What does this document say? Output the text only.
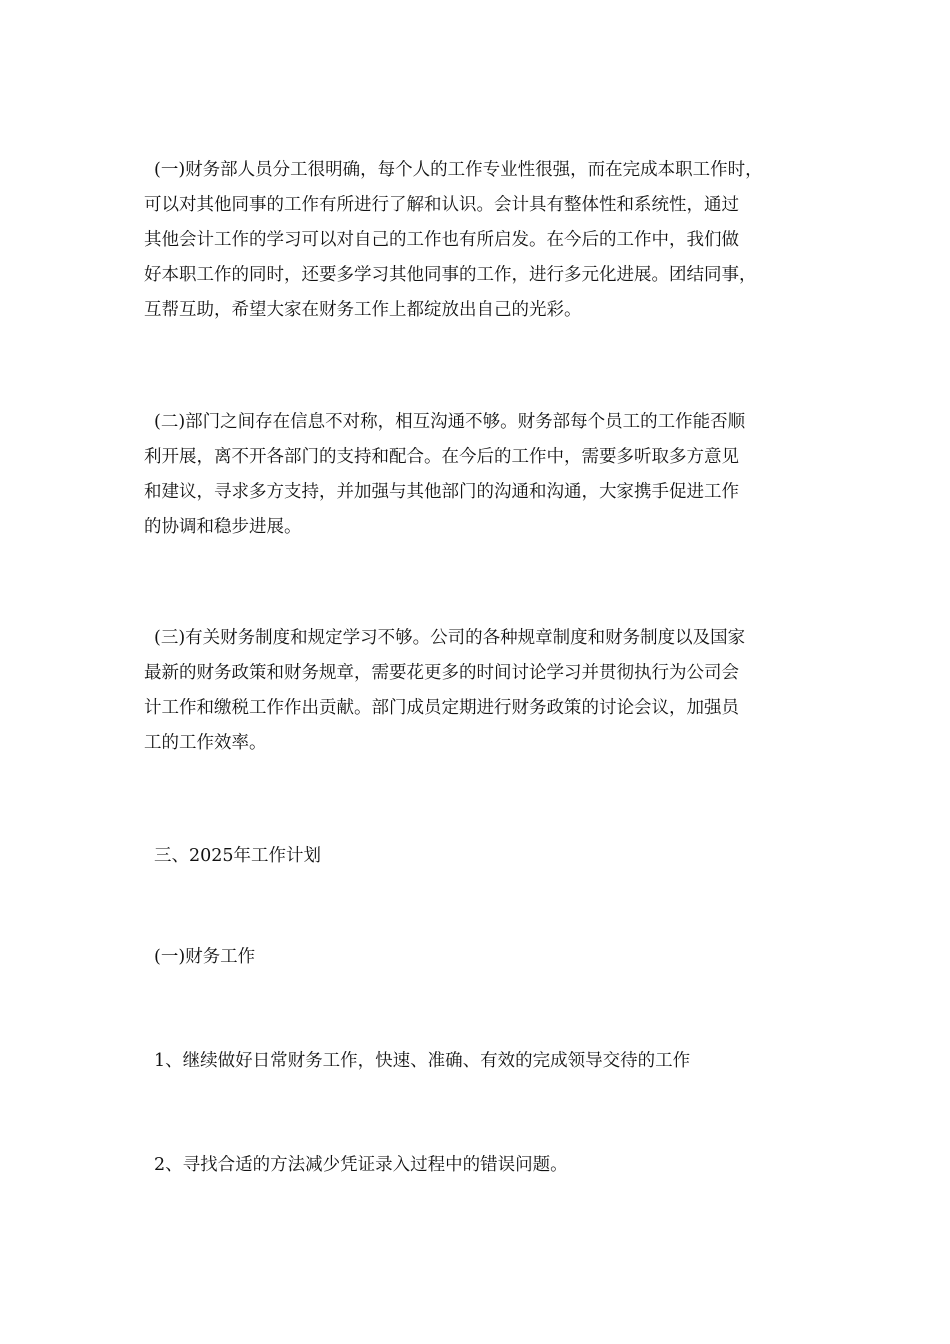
(一)财务部人员分工很明确，每个人的工作专业性很强，而在完成本职工作时，
可以对其他同事的工作有所进行了解和认识。会计具有整体性和系统性，通过
其他会计工作的学习可以对自己的工作也有所启发。在今后的工作中，我们做
好本职工作的同时，还要多学习其他同事的工作，进行多元化进展。团结同事，
互帮互助，希望大家在财务工作上都绽放出自己的光彩。
(二)部门之间存在信息不对称，相互沟通不够。财务部每个员工的工作能否顺
利开展，离不开各部门的支持和配合。在今后的工作中，需要多听取多方意见
和建议，寻求多方支持，并加强与其他部门的沟通和沟通，大家携手促进工作
的协调和稳步进展。
(三)有关财务制度和规定学习不够。公司的各种规章制度和财务制度以及国家
最新的财务政策和财务规章，需要花更多的时间讨论学习并贯彻执行为公司会
计工作和缴税工作作出贡献。部门成员定期进行财务政策的讨论会议，加强员
工的工作效率。

三、2025年工作计划

(一)财务工作

1、继续做好日常财务工作，快速、准确、有效的完成领导交待的工作

2、寻找合适的方法减少凭证录入过程中的错误问题。
